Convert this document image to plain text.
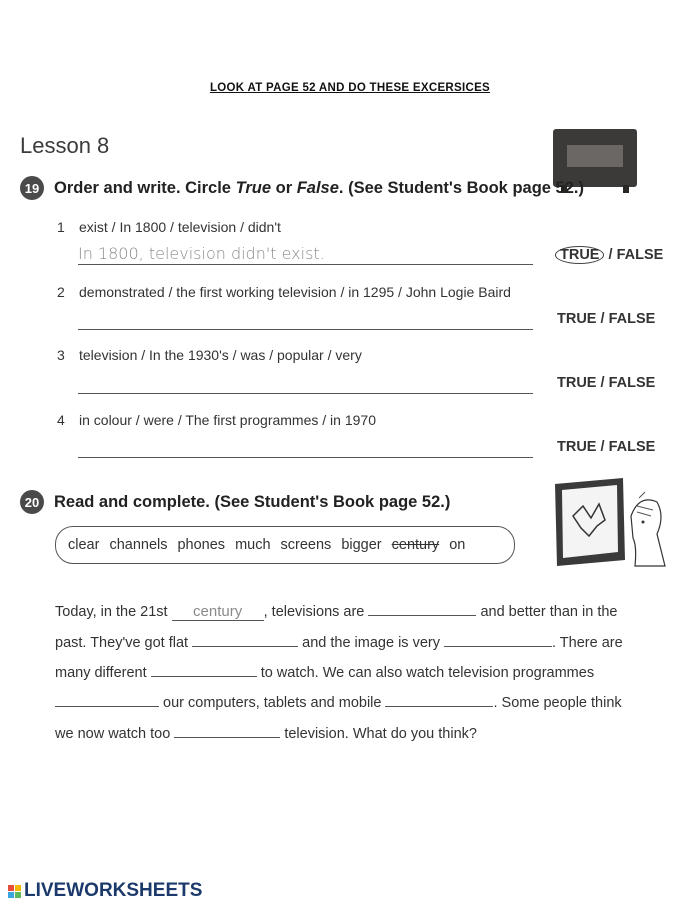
LOOK AT PAGE 52 AND DO THESE EXCERSICES
Lesson 8
19 Order and write. Circle True or False. (See Student's Book page 52.)
1 exist / In 1800 / television / didn't
In 1800, television didn't exist.	TRUE / FALSE
2 demonstrated / the first working television / in 1295 / John Logie Baird
TRUE / FALSE
3 television / In the 1930's / was / popular / very
TRUE / FALSE
4 in colour / were / The first programmes / in 1970
TRUE / FALSE
20 Read and complete. (See Student's Book page 52.)
clear channels phones much screens bigger century on
Today, in the 21st century , televisions are	and better than in the
past. They've got flat	and the image is very	. There are
many different	to watch. We can also watch television programmes
our computers, tablets and mobile	. Some people think
we now watch too	television. What do you think?
LIVEWORKSHEETS
